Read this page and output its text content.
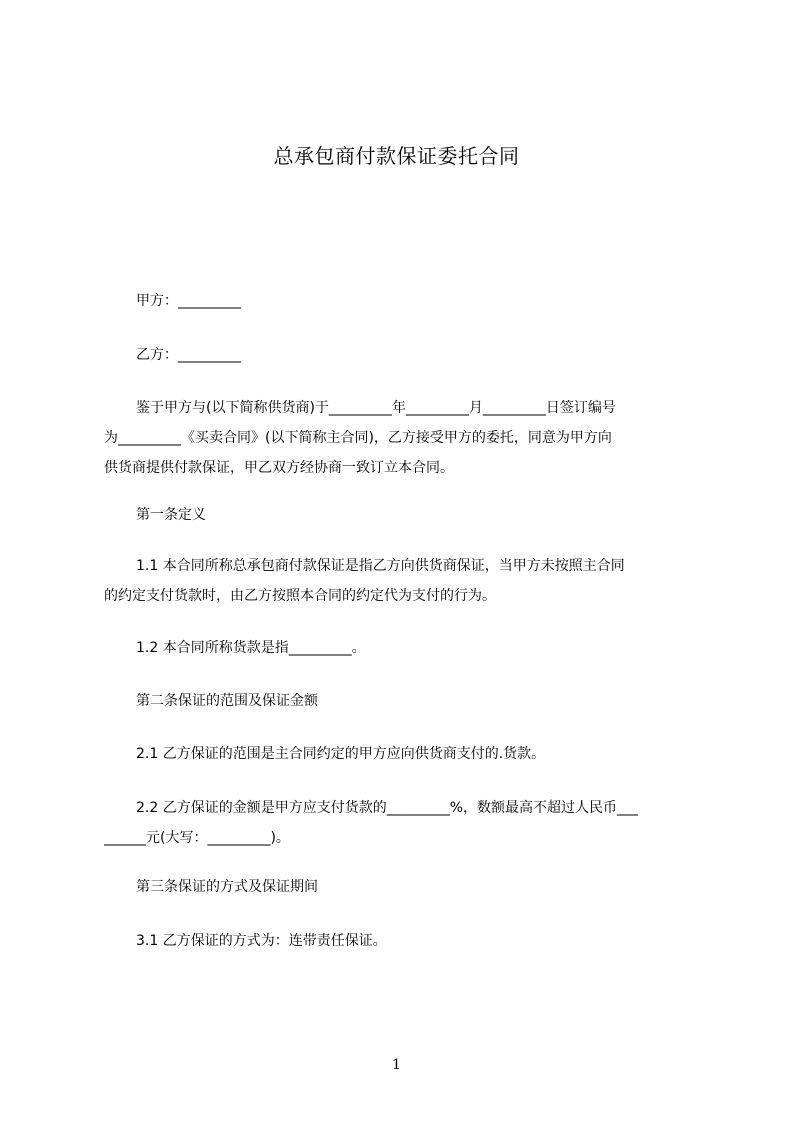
总承包商付款保证委托合同
甲方：_________
乙方：_________
鉴于甲方与(以下简称供货商)于_________年_________月_________日签订编号
为_________《买卖合同》(以下简称主合同)，乙方接受甲方的委托，同意为甲方向
供货商提供付款保证，甲乙双方经协商一致订立本合同。
第一条定义
1.1 本合同所称总承包商付款保证是指乙方向供货商保证，当甲方未按照主合同
的约定支付货款时，由乙方按照本合同的约定代为支付的行为。
1.2 本合同所称货款是指_________。
第二条保证的范围及保证金额
2.1 乙方保证的范围是主合同约定的甲方应向供货商支付的.货款。
2.2 乙方保证的金额是甲方应支付货款的_________%，数额最高不超过人民币___
______元(大写：_________)。
第三条保证的方式及保证期间
3.1 乙方保证的方式为：连带责任保证。
1
